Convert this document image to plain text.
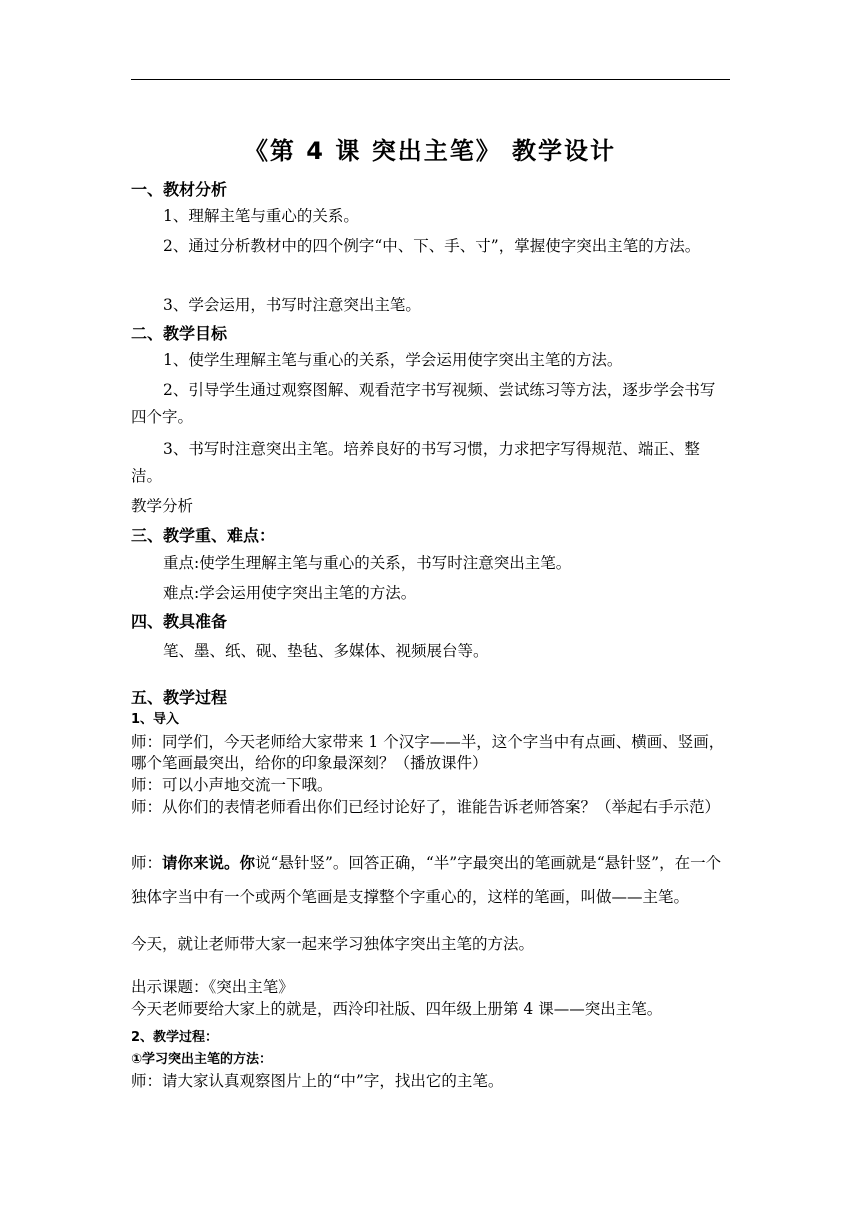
《第 4 课 突出主笔》 教学设计
一、教材分析

1、理解主笔与重心的关系。

2、通过分析教材中的四个例字“中、下、手、寸”，掌握使字突出主笔的方法。

3、学会运用，书写时注意突出主笔。

二、教学目标

1、使学生理解主笔与重心的关系，学会运用使字突出主笔的方法。

2、引导学生通过观察图解、观看范字书写视频、尝试练习等方法，逐步学会书写四个字。

3、书写时注意突出主笔。培养良好的书写习惯，力求把字写得规范、端正、整洁。

教学分析

三、教学重、难点：

重点:使学生理解主笔与重心的关系，书写时注意突出主笔。

难点:学会运用使字突出主笔的方法。

四、教具准备

笔、墨、纸、砚、垫毡、多媒体、视频展台等。

五、教学过程
1、导入

师：同学们，今天老师给大家带来 1 个汉字——半，这个字当中有点画、横画、竖画，哪个笔画最突出，给你的印象最深刻？（播放课件）

师：可以小声地交流一下哦。

师：从你们的表情老师看出你们已经讨论好了，谁能告诉老师答案？（举起右手示范）

师：请你来说。你说“悬针竖”。回答正确，“半”字最突出的笔画就是“悬针竖”，在一个独体字当中有一个或两个笔画是支撑整个字重心的，这样的笔画，叫做——主笔。

今天，就让老师带大家一起来学习独体字突出主笔的方法。

出示课题：《突出主笔》

今天老师要给大家上的就是，西泠印社版、四年级上册第 4 课——突出主笔。

2、教学过程：
①学习突出主笔的方法：

师：请大家认真观察图片上的“中”字，找出它的主笔。
